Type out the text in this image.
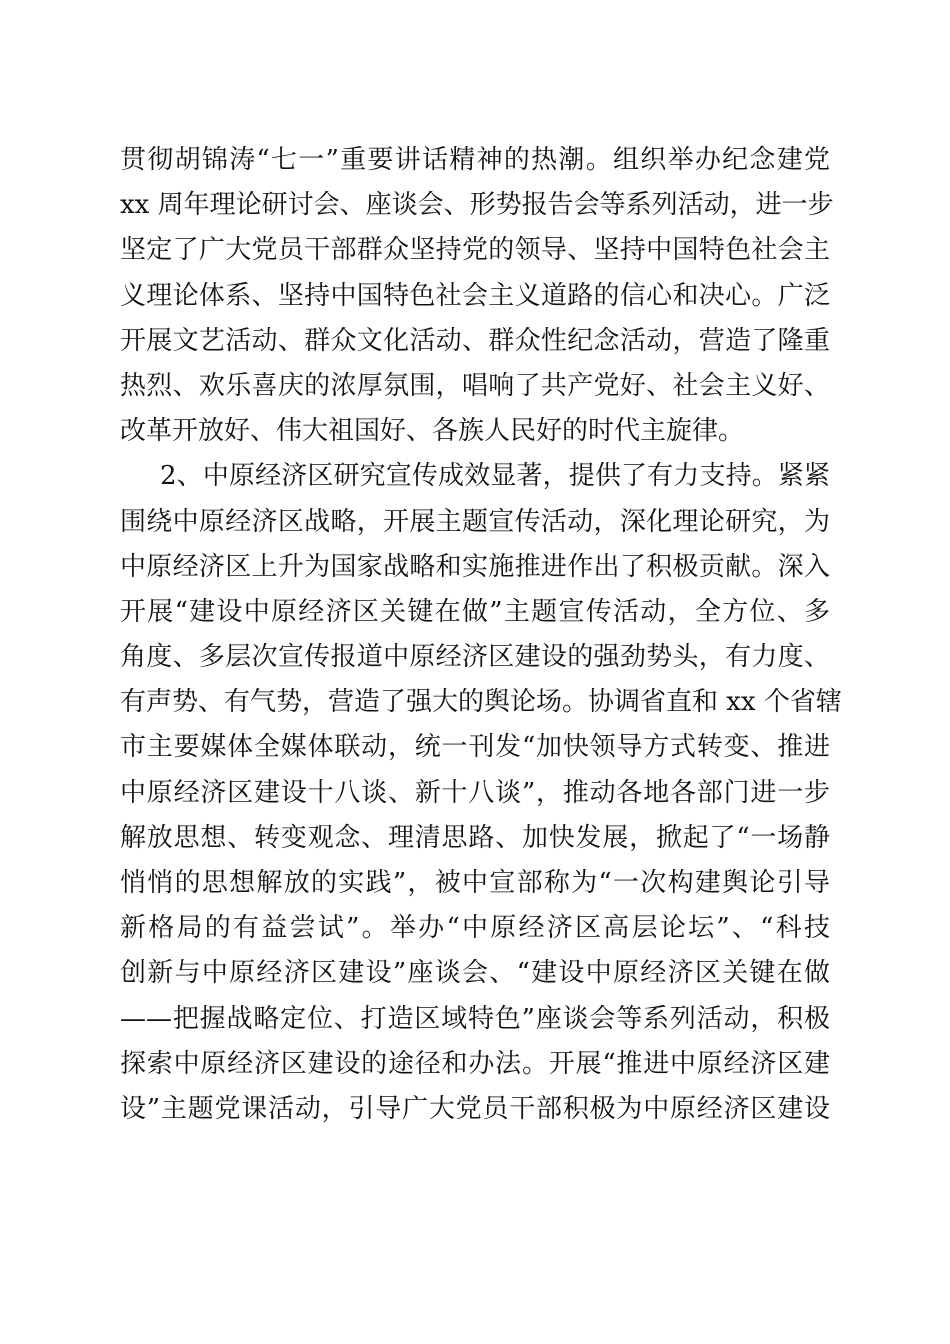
贯彻胡锦涛“七一”重要讲话精神的热潮。组织举办纪念建党
xx 周年理论研讨会、座谈会、形势报告会等系列活动，进一步
坚定了广大党员干部群众坚持党的领导、坚持中国特色社会主
义理论体系、坚持中国特色社会主义道路的信心和决心。广泛
开展文艺活动、群众文化活动、群众性纪念活动，营造了隆重
热烈、欢乐喜庆的浓厚氛围，唱响了共产党好、社会主义好、
改革开放好、伟大祖国好、各族人民好的时代主旋律。
2、中原经济区研究宣传成效显著，提供了有力支持。紧紧
围绕中原经济区战略，开展主题宣传活动，深化理论研究，为
中原经济区上升为国家战略和实施推进作出了积极贡献。深入
开展“建设中原经济区关键在做”主题宣传活动，全方位、多
角度、多层次宣传报道中原经济区建设的强劲势头，有力度、
有声势、有气势，营造了强大的舆论场。协调省直和 xx 个省辖
市主要媒体全媒体联动，统一刊发“加快领导方式转变、推进
中原经济区建设十八谈、新十八谈”，推动各地各部门进一步
解放思想、转变观念、理清思路、加快发展，掀起了“一场静
悄悄的思想解放的实践”，被中宣部称为“一次构建舆论引导
新格局的有益尝试”。举办“中原经济区高层论坛”、“科技
创新与中原经济区建设”座谈会、“建设中原经济区关键在做
——把握战略定位、打造区域特色”座谈会等系列活动，积极
探索中原经济区建设的途径和办法。开展“推进中原经济区建
设”主题党课活动，引导广大党员干部积极为中原经济区建设
